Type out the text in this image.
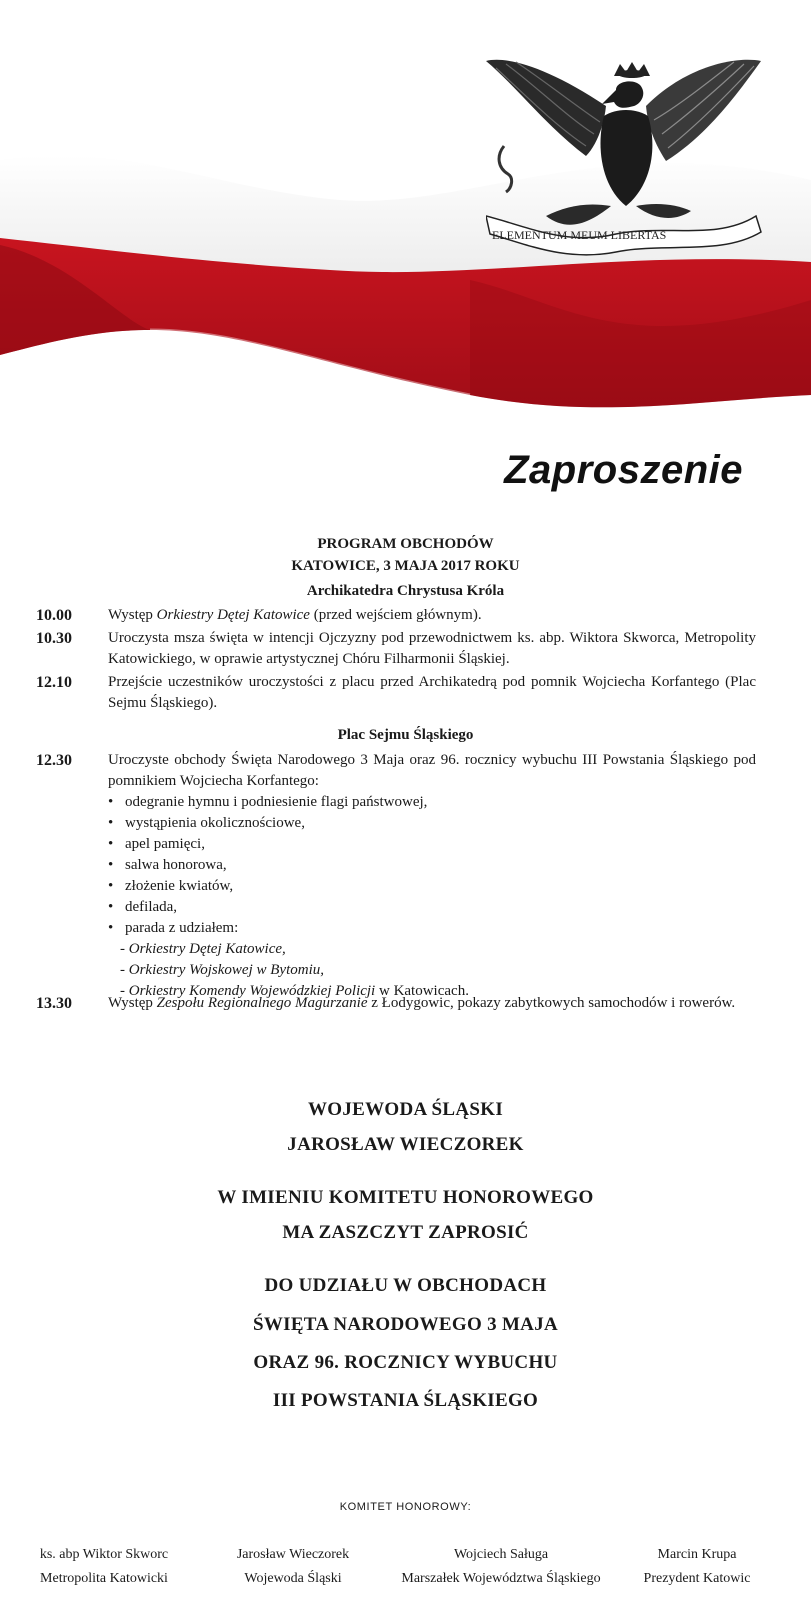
ELEMENTUM MEUM LIBERTAS
Zaproszenie
PROGRAM OBCHODÓW
KATOWICE, 3 MAJA 2017 ROKU
Archikatedra Chrystusa Króla
10.00 Występ Orkiestry Dętej Katowice (przed wejściem głównym).
10.30 Uroczysta msza święta w intencji Ojczyzny pod przewodnictwem ks. abp. Wiktora Skworca, Metropolity Katowickiego, w oprawie artystycznej Chóru Filharmonii Śląskiej.
12.10 Przejście uczestników uroczystości z placu przed Archikatedrą pod pomnik Wojciecha Korfantego (Plac Sejmu Śląskiego).
Plac Sejmu Śląskiego
12.30 Uroczyste obchody Święta Narodowego 3 Maja oraz 96. rocznicy wybuchu III Powstania Śląskiego pod pomnikiem Wojciecha Korfantego:
• odegranie hymnu i podniesienie flagi państwowej,
• wystąpienia okolicznościowe,
• apel pamięci,
• salwa honorowa,
• złożenie kwiatów,
• defilada,
• parada z udziałem:
- Orkiestry Dętej Katowice,
- Orkiestry Wojskowej w Bytomiu,
- Orkiestry Komendy Wojewódzkiej Policji w Katowicach.
13.30 Występ Zespołu Regionalnego Magurzanie z Łodygowic, pokazy zabytkowych samochodów i rowerów.
WOJEWODA ŚLĄSKI
JAROSŁAW WIECZOREK
W IMIENIU KOMITETU HONOROWEGO
MA ZASZCZYT ZAPROSIĆ
DO UDZIAŁU W OBCHODACH
ŚWIĘTA NARODOWEGO 3 MAJA
ORAZ 96. ROCZNICY WYBUCHU
III POWSTANIA ŚLĄSKIEGO
KOMITET HONOROWY:
ks. abp Wiktor Skworc
Metropolita Katowicki
Jarosław Wieczorek
Wojewoda Śląski
Wojciech Saługa
Marszałek Województwa Śląskiego
Marcin Krupa
Prezydent Katowic
